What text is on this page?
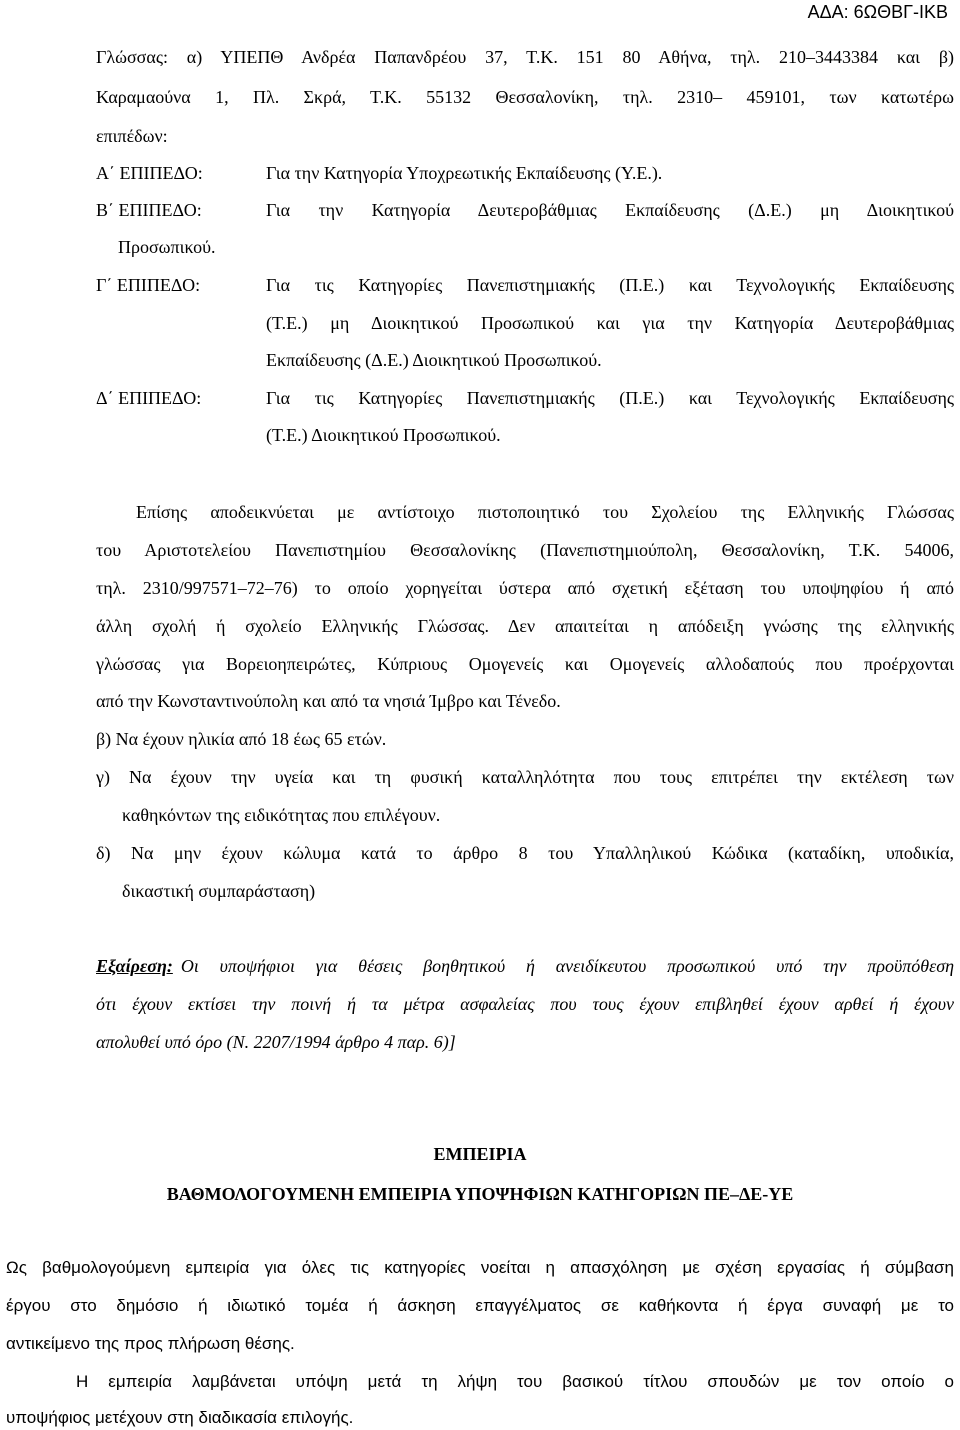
ΑΔΑ: 6ΩΘΒΓ-ΙΚΒ
Γλώσσας: α) ΥΠΕΠΘ Ανδρέα Παπανδρέου 37, Τ.Κ. 151 80 Αθήνα, τηλ. 210–3443384 και β)
Καραμαούνα 1, Πλ. Σκρά, Τ.Κ. 55132 Θεσσαλονίκη, τηλ. 2310– 459101, των κατωτέρω
επιπέδων:
Α΄ ΕΠΙΠΕΔΟ:	Για την Κατηγορία Υποχρεωτικής Εκπαίδευσης (Υ.Ε.).
Β΄ ΕΠΙΠΕΔΟ:	Για την Κατηγορία Δευτεροβάθμιας Εκπαίδευσης (Δ.Ε.) μη Διοικητικού
Προσωπικού.
Γ΄ ΕΠΙΠΕΔΟ:	Για τις Κατηγορίες Πανεπιστημιακής (Π.Ε.) και Τεχνολογικής Εκπαίδευσης
(Τ.Ε.) μη Διοικητικού Προσωπικού και για την Κατηγορία Δευτεροβάθμιας
Εκπαίδευσης (Δ.Ε.) Διοικητικού Προσωπικού.
Δ΄ ΕΠΙΠΕΔΟ:	Για τις Κατηγορίες Πανεπιστημιακής (Π.Ε.) και Τεχνολογικής Εκπαίδευσης
(Τ.Ε.) Διοικητικού Προσωπικού.
Επίσης αποδεικνύεται με αντίστοιχο πιστοποιητικό του Σχολείου της Ελληνικής Γλώσσας
του Αριστοτελείου Πανεπιστημίου Θεσσαλονίκης (Πανεπιστημιούπολη, Θεσσαλονίκη, Τ.Κ. 54006,
τηλ. 2310/997571–72–76) το οποίο χορηγείται ύστερα από σχετική εξέταση του υποψηφίου ή από
άλλη σχολή ή σχολείο Ελληνικής Γλώσσας. Δεν απαιτείται η απόδειξη γνώσης της ελληνικής
γλώσσας για Βορειοηπειρώτες, Κύπριους Ομογενείς και Ομογενείς αλλοδαπούς που προέρχονται
από την Κωνσταντινούπολη και από τα νησιά Ίμβρο και Τένεδο.
β) Να έχουν ηλικία από 18 έως 65 ετών.
γ) Να έχουν την υγεία και τη φυσική καταλληλότητα που τους επιτρέπει την εκτέλεση των
καθηκόντων της ειδικότητας που επιλέγουν.
δ) Να μην έχουν κώλυμα κατά το άρθρο 8 του Υπαλληλικού Κώδικα (καταδίκη, υποδικία,
δικαστική συμπαράσταση)
Εξαίρεση: Οι υποψήφιοι για θέσεις βοηθητικού ή ανειδίκευτου προσωπικού υπό την προϋπόθεση
ότι έχουν εκτίσει την ποινή ή τα μέτρα ασφαλείας που τους έχουν επιβληθεί έχουν αρθεί ή έχουν
απολυθεί υπό όρο (Ν. 2207/1994 άρθρο 4 παρ. 6)]
ΕΜΠΕΙΡΙΑ
ΒΑΘΜΟΛΟΓΟΥΜΕΝΗ ΕΜΠΕΙΡΙΑ ΥΠΟΨΗΦΙΩΝ ΚΑΤΗΓΟΡΙΩΝ ΠΕ–ΔΕ-ΥΕ
Ως βαθμολογούμενη εμπειρία για όλες τις κατηγορίες νοείται η απασχόληση με σχέση εργασίας ή σύμβαση
έργου στο δημόσιο ή ιδιωτικό τομέα ή άσκηση επαγγέλματος σε καθήκοντα ή έργα συναφή με το
αντικείμενο της προς πλήρωση θέσης.
Η εμπειρία λαμβάνεται υπόψη μετά τη λήψη του βασικού τίτλου σπουδών με τον οποίο ο
υποψήφιος μετέχουν στη διαδικασία επιλογής.
